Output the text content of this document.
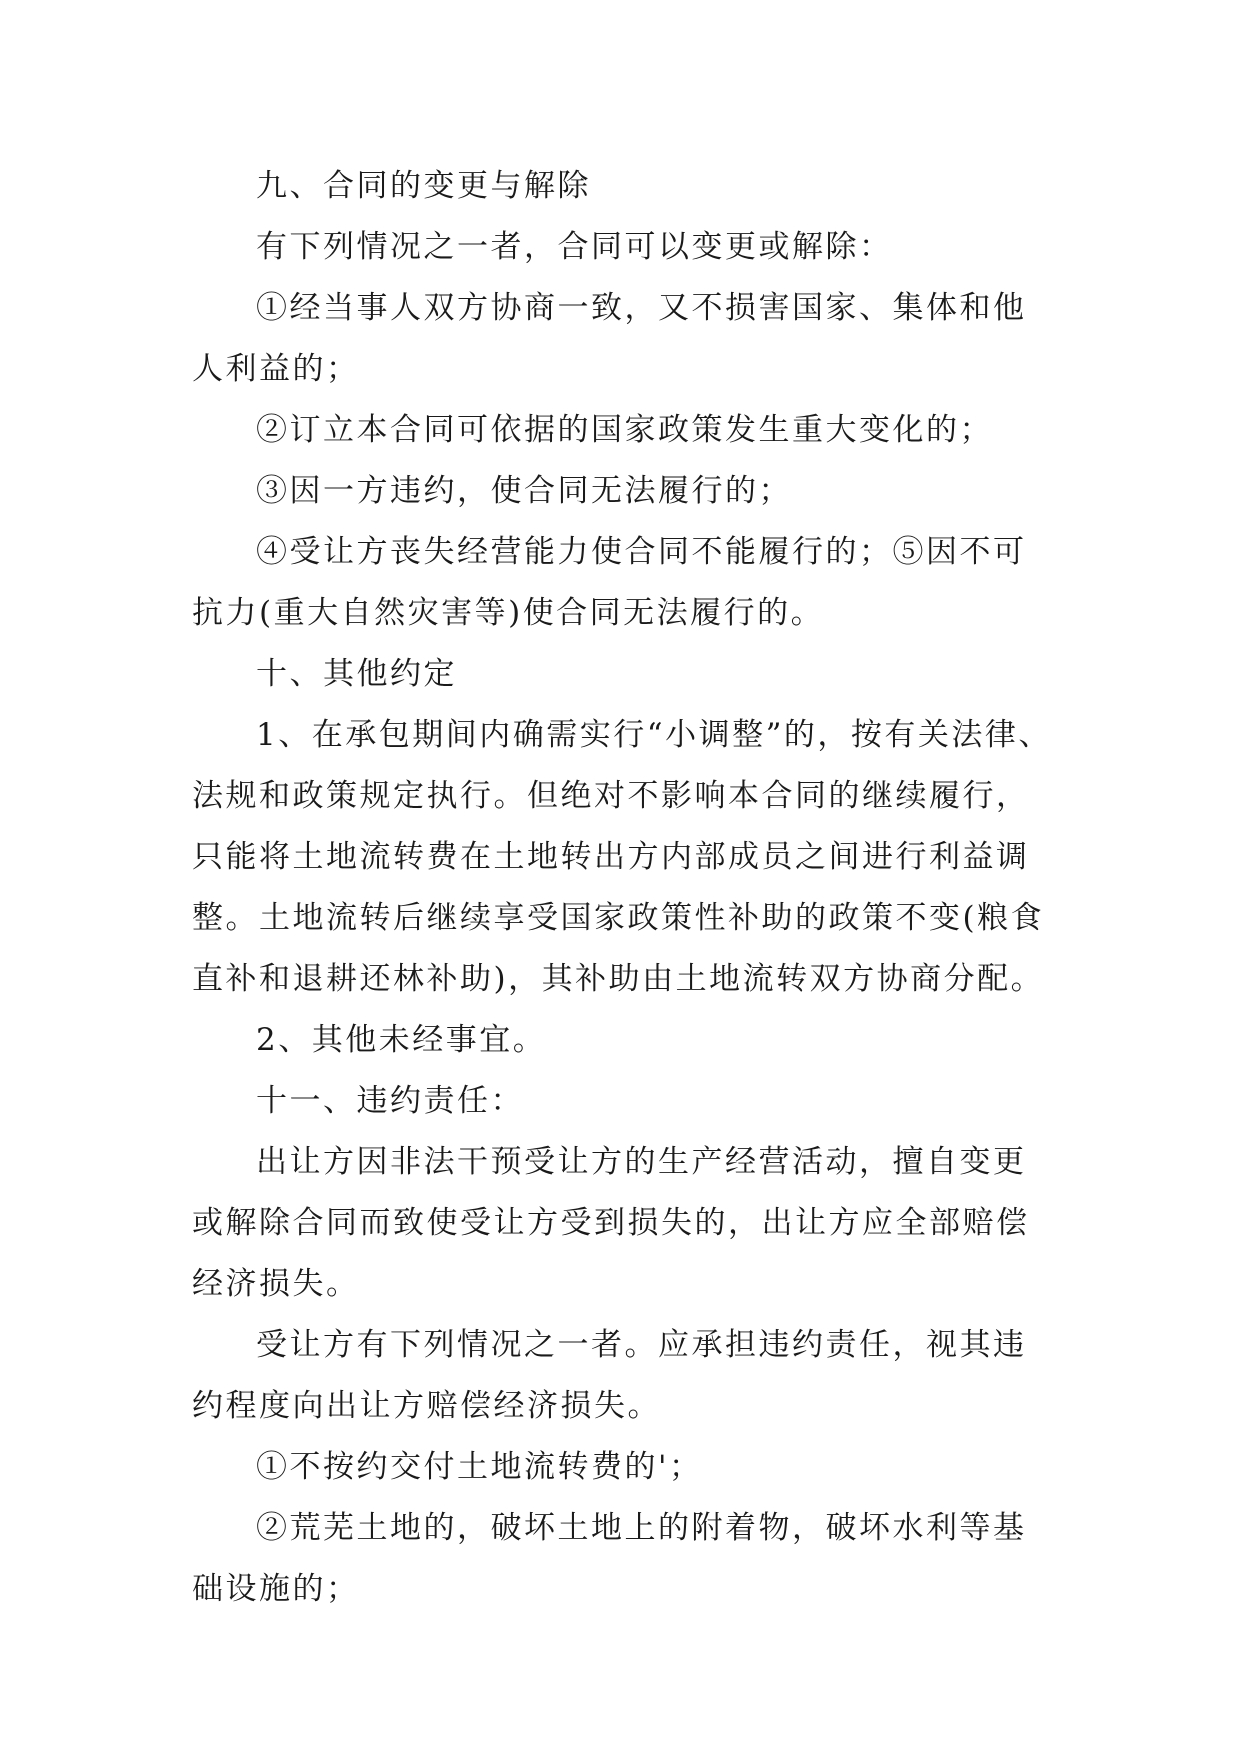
九、合同的变更与解除

有下列情况之一者，合同可以变更或解除：

①经当事人双方协商一致，又不损害国家、集体和他人利益的；

②订立本合同可依据的国家政策发生重大变化的；

③因一方违约，使合同无法履行的；

④受让方丧失经营能力使合同不能履行的；⑤因不可抗力(重大自然灾害等)使合同无法履行的。

十、其他约定

1、在承包期间内确需实行“小调整”的，按有关法律、法规和政策规定执行。但绝对不影响本合同的继续履行，只能将土地流转费在土地转出方内部成员之间进行利益调整。土地流转后继续享受国家政策性补助的政策不变(粮食直补和退耕还林补助)，其补助由土地流转双方协商分配。

2、其他未经事宜。

十一、违约责任：

出让方因非法干预受让方的生产经营活动，擅自变更或解除合同而致使受让方受到损失的，出让方应全部赔偿经济损失。

受让方有下列情况之一者。应承担违约责任，视其违约程度向出让方赔偿经济损失。

①不按约交付土地流转费的'；

②荒芜土地的，破坏土地上的附着物，破坏水利等基础设施的；
